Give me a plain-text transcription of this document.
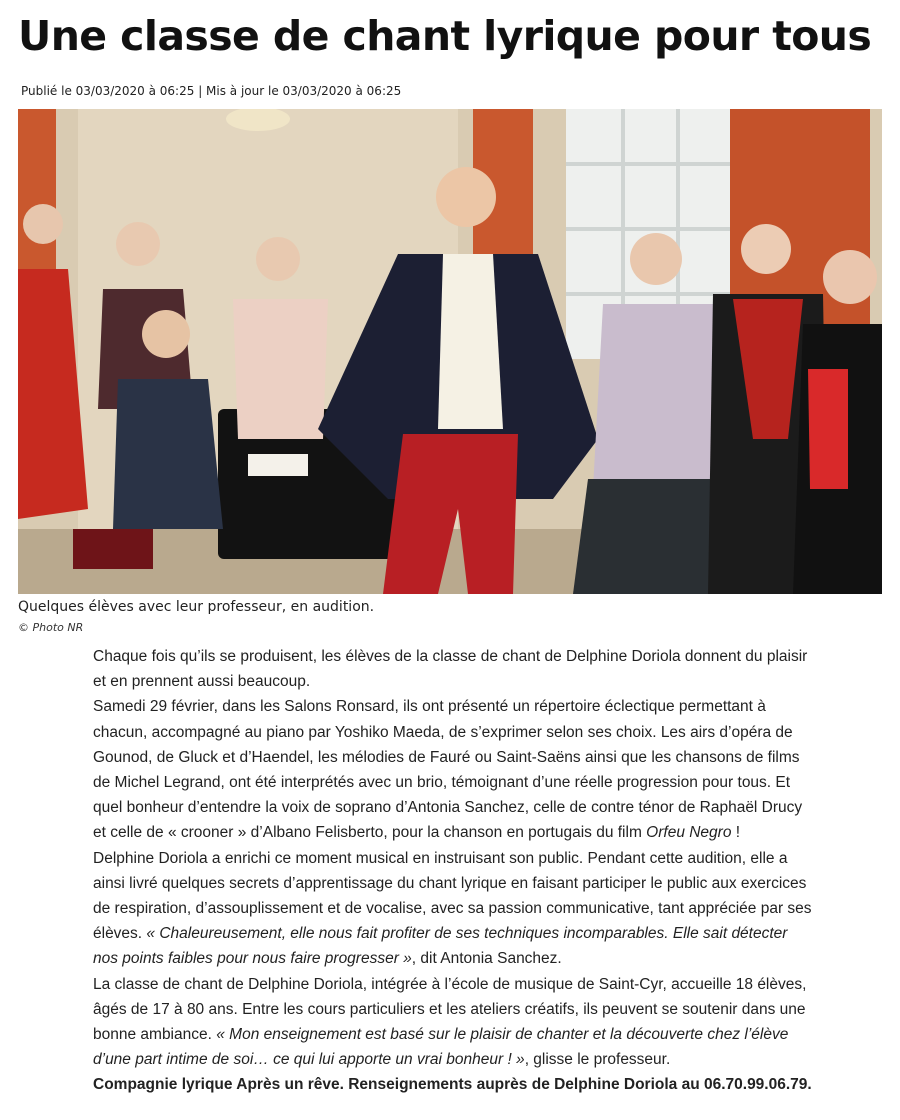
Une classe de chant lyrique pour tous
Publié le 03/03/2020 à 06:25 | Mis à jour le 03/03/2020 à 06:25
Quelques élèves avec leur professeur, en audition.
© Photo NR

Chaque fois qu’ils se produisent, les élèves de la classe de chant de Delphine Doriola donnent du plaisir et en prennent aussi beaucoup.

Samedi 29 février, dans les Salons Ronsard, ils ont présenté un répertoire éclectique permettant à chacun, accompagné au piano par Yoshiko Maeda, de s’exprimer selon ses choix. Les airs d’opéra de Gounod, de Gluck et d’Haendel, les mélodies de Fauré ou Saint-Saëns ainsi que les chansons de films de Michel Legrand, ont été interprétés avec un brio, témoignant d’une réelle progression pour tous. Et quel bonheur d’entendre la voix de soprano d’Antonia Sanchez, celle de contre ténor de Raphaël Drucy et celle de « crooner » d’Albano Felisberto, pour la chanson en portugais du film Orfeu Negro !

Delphine Doriola a enrichi ce moment musical en instruisant son public. Pendant cette audition, elle a ainsi livré quelques secrets d’apprentissage du chant lyrique en faisant participer le public aux exercices de respiration, d’assouplissement et de vocalise, avec sa passion communicative, tant appréciée par ses élèves. « Chaleureusement, elle nous fait profiter de ses techniques incomparables. Elle sait détecter nos points faibles pour nous faire progresser », dit Antonia Sanchez.

La classe de chant de Delphine Doriola, intégrée à l’école de musique de Saint-Cyr, accueille 18 élèves, âgés de 17 à 80 ans. Entre les cours particuliers et les ateliers créatifs, ils peuvent se soutenir dans une bonne ambiance. « Mon enseignement est basé sur le plaisir de chanter et la découverte chez l’élève d’une part intime de soi… ce qui lui apporte un vrai bonheur ! », glisse le professeur.

Compagnie lyrique Après un rêve. Renseignements auprès de Delphine Doriola au 06.70.99.06.79.
